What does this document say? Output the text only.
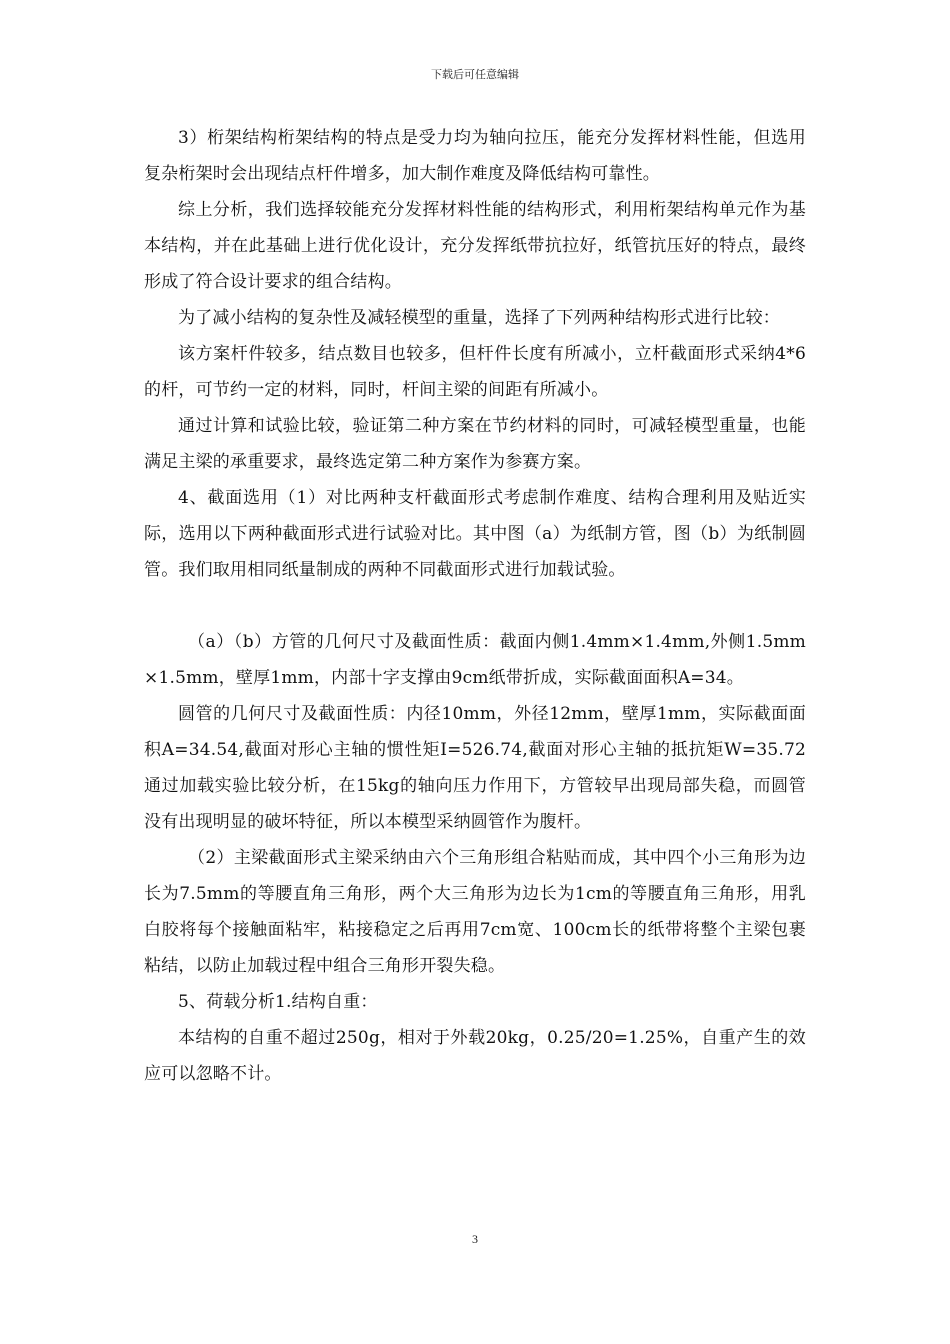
下载后可任意编辑

3）桁架结构桁架结构的特点是受力均为轴向拉压，能充分发挥材料性能，但选用复杂桁架时会出现结点杆件增多，加大制作难度及降低结构可靠性。

综上分析，我们选择较能充分发挥材料性能的结构形式，利用桁架结构单元作为基本结构，并在此基础上进行优化设计，充分发挥纸带抗拉好，纸管抗压好的特点，最终形成了符合设计要求的组合结构。

为了减小结构的复杂性及减轻模型的重量，选择了下列两种结构形式进行比较：

该方案杆件较多，结点数目也较多，但杆件长度有所减小，立杆截面形式采纳4*6的杆，可节约一定的材料，同时，杆间主梁的间距有所减小。

通过计算和试验比较，验证第二种方案在节约材料的同时，可减轻模型重量，也能满足主梁的承重要求，最终选定第二种方案作为参赛方案。

4、截面选用（1）对比两种支杆截面形式考虑制作难度、结构合理利用及贴近实际，选用以下两种截面形式进行试验对比。其中图（a）为纸制方管，图（b）为纸制圆管。我们取用相同纸量制成的两种不同截面形式进行加载试验。

（a）（b）方管的几何尺寸及截面性质：截面内侧1.4mm×1.4mm,外侧1.5mm×1.5mm，壁厚1mm，内部十字支撑由9cm纸带折成，实际截面面积A=34。

圆管的几何尺寸及截面性质：内径10mm，外径12mm，壁厚1mm，实际截面面积A=34.54,截面对形心主轴的惯性矩I=526.74,截面对形心主轴的抵抗矩W=35.72通过加载实验比较分析，在15kg的轴向压力作用下，方管较早出现局部失稳，而圆管没有出现明显的破坏特征，所以本模型采纳圆管作为腹杆。

（2）主梁截面形式主梁采纳由六个三角形组合粘贴而成，其中四个小三角形为边长为7.5mm的等腰直角三角形，两个大三角形为边长为1cm的等腰直角三角形，用乳白胶将每个接触面粘牢，粘接稳定之后再用7cm宽、100cm长的纸带将整个主梁包裹粘结，以防止加载过程中组合三角形开裂失稳。

5、荷载分析1.结构自重：

本结构的自重不超过250g，相对于外载20kg，0.25/20=1.25%，自重产生的效应可以忽略不计。

3
